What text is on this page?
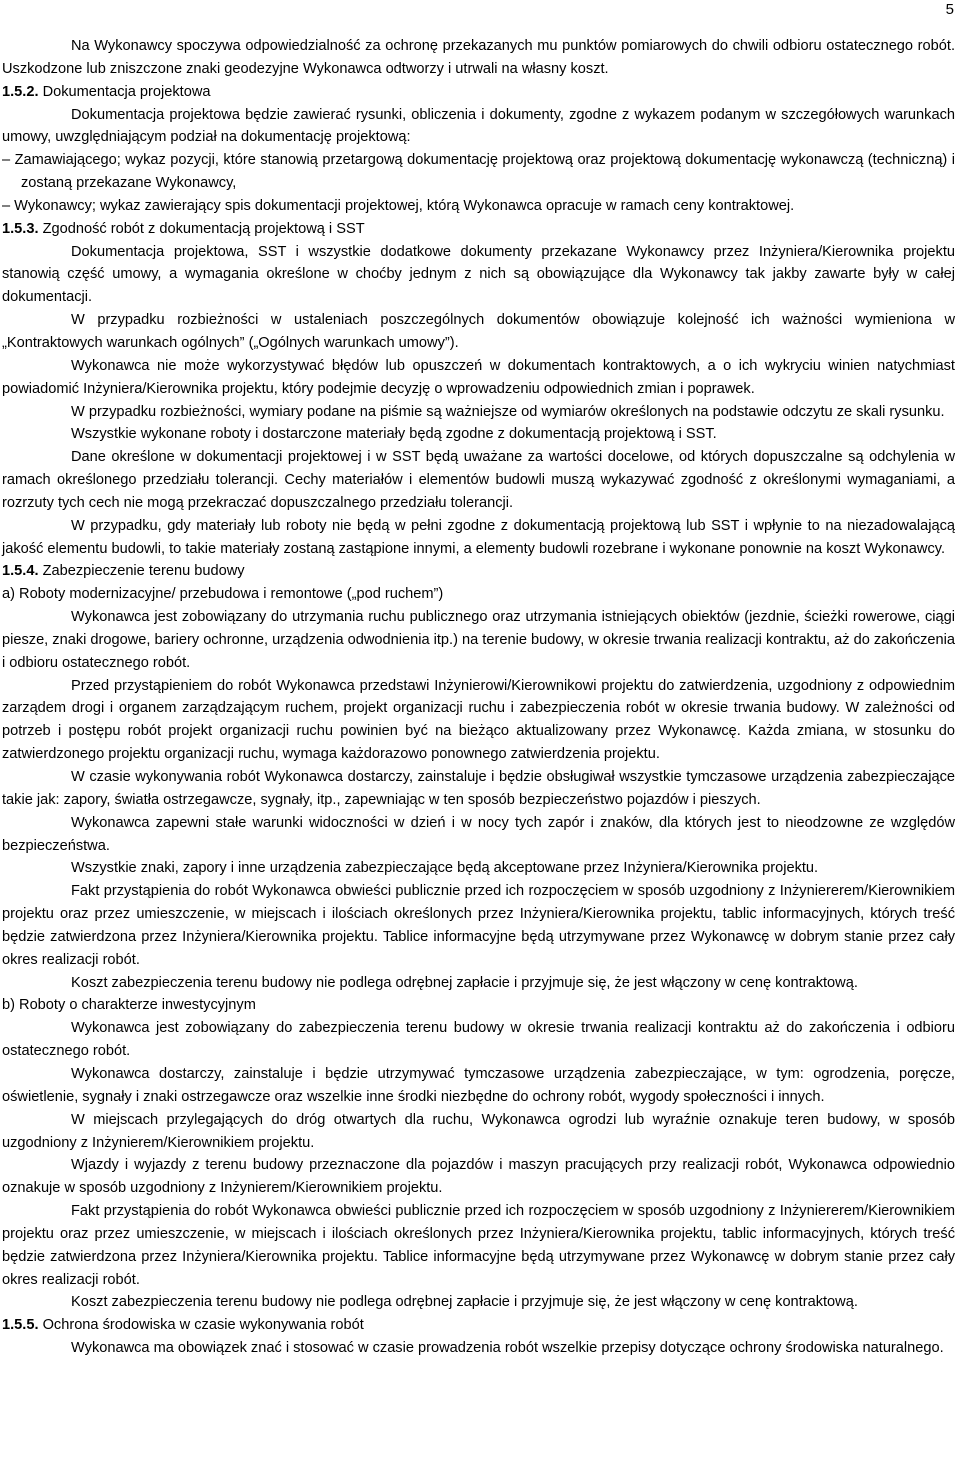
5

Na Wykonawcy spoczywa odpowiedzialność za ochronę przekazanych mu punktów pomiarowych do chwili odbioru ostatecznego robót. Uszkodzone lub zniszczone znaki geodezyjne Wykonawca odtworzy i utrwali na własny koszt.

1.5.2. Dokumentacja projektowa

Dokumentacja projektowa będzie zawierać rysunki, obliczenia i dokumenty, zgodne z wykazem podanym w szczegółowych warunkach umowy, uwzględniającym podział na dokumentację projektową:

– Zamawiającego; wykaz pozycji, które stanowią przetargową dokumentację projektową oraz projektową dokumentację wykonawczą (techniczną) i zostaną przekazane Wykonawcy,

– Wykonawcy; wykaz zawierający spis dokumentacji projektowej, którą Wykonawca opracuje w ramach ceny kontraktowej.

1.5.3. Zgodność robót z dokumentacją projektową i SST

Dokumentacja projektowa, SST i wszystkie dodatkowe dokumenty przekazane Wykonawcy przez Inżyniera/Kierownika projektu stanowią część umowy, a wymagania określone w choćby jednym z nich są obowiązujące dla Wykonawcy tak jakby zawarte były w całej dokumentacji.

W przypadku rozbieżności w ustaleniach poszczególnych dokumentów obowiązuje kolejność ich ważności wymieniona w „Kontraktowych warunkach ogólnych” („Ogólnych warunkach umowy”).

Wykonawca nie może wykorzystywać błędów lub opuszczeń w dokumentach kontraktowych, a o ich wykryciu winien natychmiast powiadomić Inżyniera/Kierownika projektu, który podejmie decyzję o wprowadzeniu odpowiednich zmian i poprawek.

W przypadku rozbieżności, wymiary podane na piśmie są ważniejsze od wymiarów określonych na podstawie odczytu ze skali rysunku.

Wszystkie wykonane roboty i dostarczone materiały będą zgodne z dokumentacją projektową i SST.

Dane określone w dokumentacji projektowej i w SST będą uważane za wartości docelowe, od których dopuszczalne są odchylenia w ramach określonego przedziału tolerancji. Cechy materiałów i elementów budowli muszą wykazywać zgodność z określonymi wymaganiami, a rozrzuty tych cech nie mogą przekraczać dopuszczalnego przedziału tolerancji.

W przypadku, gdy materiały lub roboty nie będą w pełni zgodne z dokumentacją projektową lub SST i wpłynie to na niezadowalającą jakość elementu budowli, to takie materiały zostaną zastąpione innymi, a elementy budowli rozebrane i wykonane ponownie na koszt Wykonawcy.

1.5.4. Zabezpieczenie terenu budowy

a) Roboty modernizacyjne/ przebudowa i remontowe („pod ruchem”)

Wykonawca jest zobowiązany do utrzymania ruchu publicznego oraz utrzymania istniejących obiektów (jezdnie, ścieżki rowerowe, ciągi piesze, znaki drogowe, bariery ochronne, urządzenia odwodnienia itp.) na terenie budowy, w okresie trwania realizacji kontraktu, aż do zakończenia i odbioru ostatecznego robót.

Przed przystąpieniem do robót Wykonawca przedstawi Inżynierowi/Kierownikowi projektu do zatwierdzenia, uzgodniony z odpowiednim zarządem drogi i organem zarządzającym ruchem, projekt organizacji ruchu i zabezpieczenia robót w okresie trwania budowy. W zależności od potrzeb i postępu robót projekt organizacji ruchu powinien być na bieżąco aktualizowany przez Wykonawcę. Każda zmiana, w stosunku do zatwierdzonego projektu organizacji ruchu, wymaga każdorazowo ponownego zatwierdzenia projektu.

W czasie wykonywania robót Wykonawca dostarczy, zainstaluje i będzie obsługiwał wszystkie tymczasowe urządzenia zabezpieczające takie jak: zapory, światła ostrzegawcze, sygnały, itp., zapewniając w ten sposób bezpieczeństwo pojazdów i pieszych.

Wykonawca zapewni stałe warunki widoczności w dzień i w nocy tych zapór i znaków, dla których jest to nieodzowne ze względów bezpieczeństwa.

Wszystkie znaki, zapory i inne urządzenia zabezpieczające będą akceptowane przez Inżyniera/Kierownika projektu.

Fakt przystąpienia do robót Wykonawca obwieści publicznie przed ich rozpoczęciem w sposób uzgodniony z Inżyniererem/Kierownikiem projektu oraz przez umieszczenie, w miejscach i ilościach określonych przez Inżyniera/Kierownika projektu, tablic informacyjnych, których treść będzie zatwierdzona przez Inżyniera/Kierownika projektu. Tablice informacyjne będą utrzymywane przez Wykonawcę w dobrym stanie przez cały okres realizacji robót.

Koszt zabezpieczenia terenu budowy nie podlega odrębnej zapłacie i przyjmuje się, że jest włączony w cenę kontraktową.

b) Roboty o charakterze inwestycyjnym

Wykonawca jest zobowiązany do zabezpieczenia terenu budowy w okresie trwania realizacji kontraktu aż do zakończenia i odbioru ostatecznego robót.

Wykonawca dostarczy, zainstaluje i będzie utrzymywać tymczasowe urządzenia zabezpieczające, w tym: ogrodzenia, poręcze, oświetlenie, sygnały i znaki ostrzegawcze oraz wszelkie inne środki niezbędne do ochrony robót, wygody społeczności i innych.

W miejscach przylegających do dróg otwartych dla ruchu, Wykonawca ogrodzi lub wyraźnie oznakuje teren budowy, w sposób uzgodniony z Inżynierem/Kierownikiem projektu.

Wjazdy i wyjazdy z terenu budowy przeznaczone dla pojazdów i maszyn pracujących przy realizacji robót, Wykonawca odpowiednio oznakuje w sposób uzgodniony z Inżynierem/Kierownikiem projektu.

Fakt przystąpienia do robót Wykonawca obwieści publicznie przed ich rozpoczęciem w sposób uzgodniony z Inżyniererem/Kierownikiem projektu oraz przez umieszczenie, w miejscach i ilościach określonych przez Inżyniera/Kierownika projektu, tablic informacyjnych, których treść będzie zatwierdzona przez Inżyniera/Kierownika projektu. Tablice informacyjne będą utrzymywane przez Wykonawcę w dobrym stanie przez cały okres realizacji robót.

Koszt zabezpieczenia terenu budowy nie podlega odrębnej zapłacie i przyjmuje się, że jest włączony w cenę kontraktową.

1.5.5. Ochrona środowiska w czasie wykonywania robót

Wykonawca ma obowiązek znać i stosować w czasie prowadzenia robót wszelkie przepisy dotyczące ochrony środowiska naturalnego.
